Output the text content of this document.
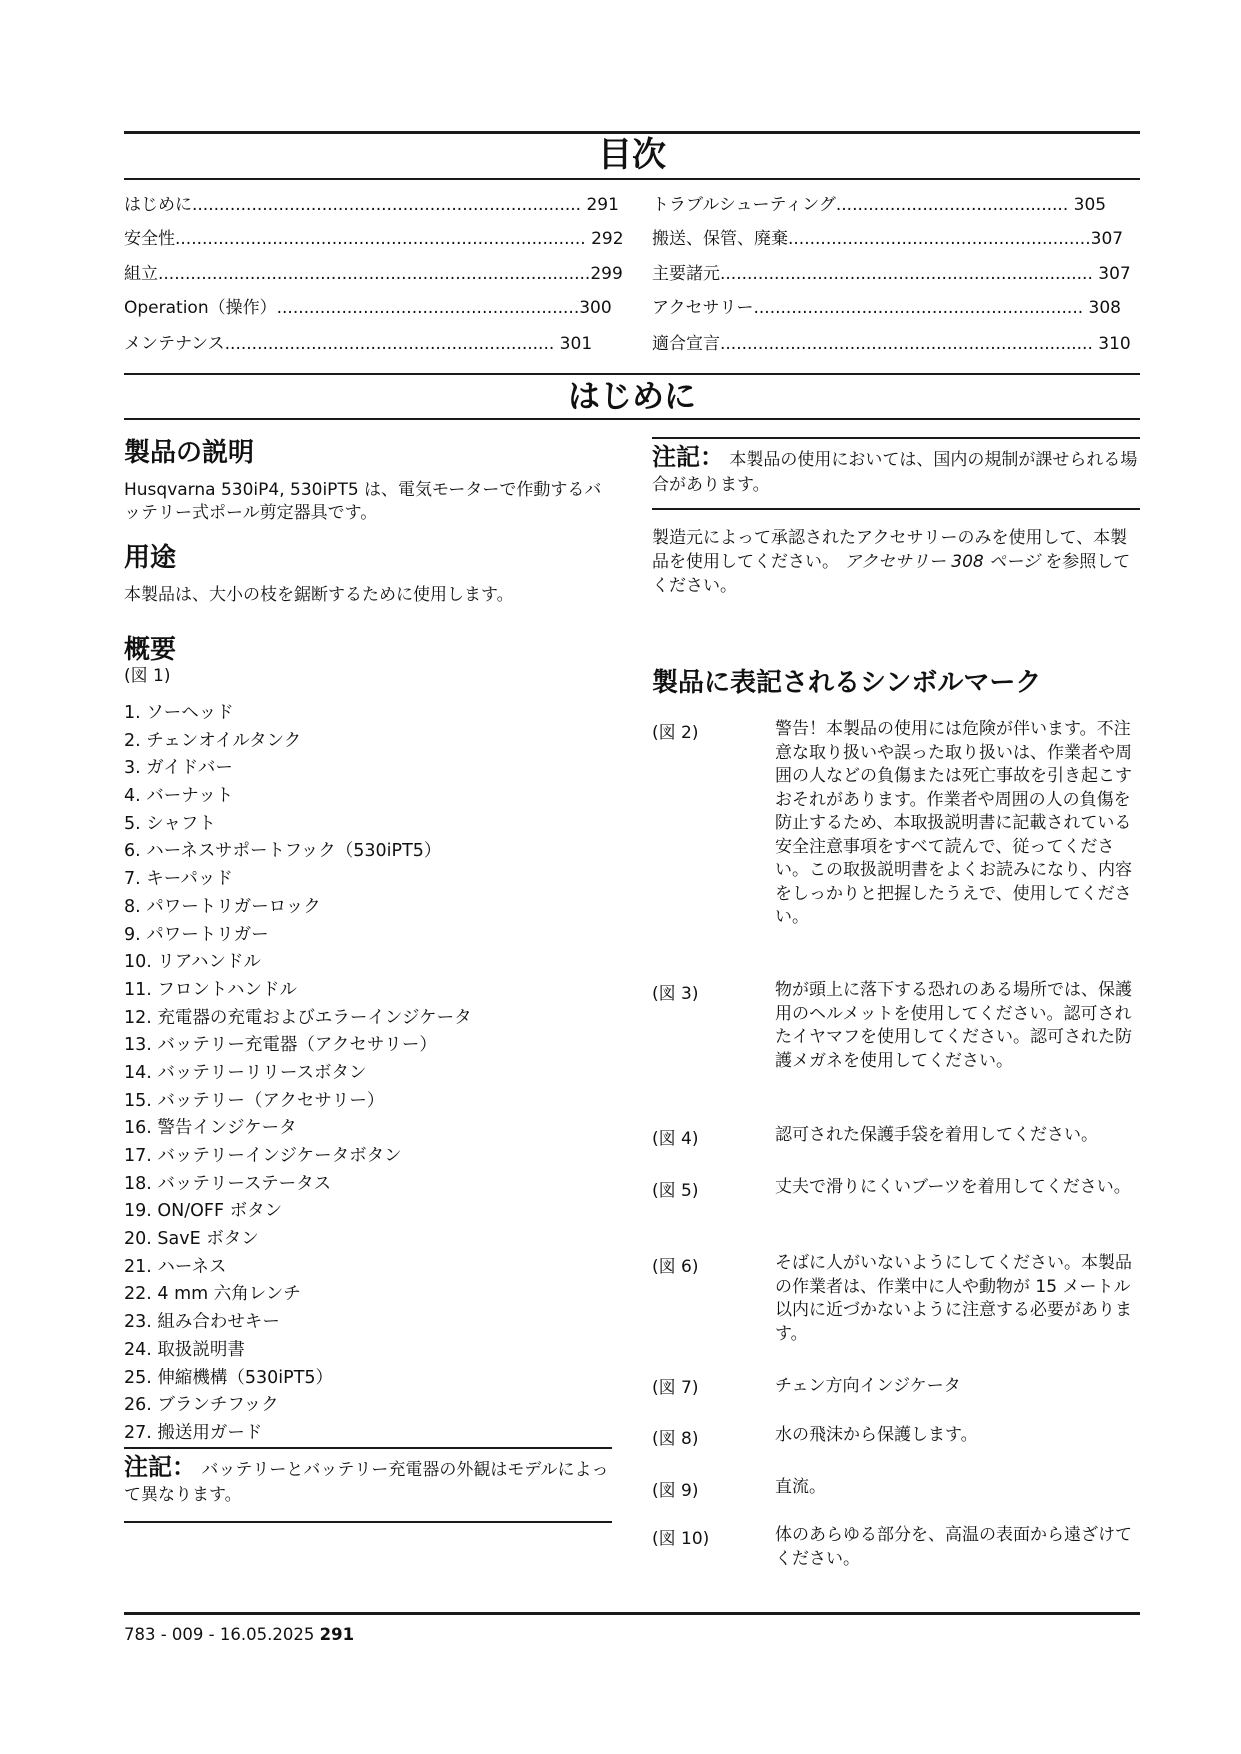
目次
はじめに........................................................................ 291
安全性............................................................................ 292
組立................................................................................299
Operation（操作）........................................................300
メンテナンス............................................................. 301
トラブルシューティング........................................... 305
搬送、保管、廃棄........................................................307
主要諸元..................................................................... 307
アクセサリー............................................................. 308
適合宣言..................................................................... 310
はじめに
製品の説明
Husqvarna 530iP4, 530iPT5 は、電気モーターで作動するバッテリー式ポール剪定器具です。
用途
本製品は、大小の枝を鋸断するために使用します。
概要
(図 1)
1. ソーヘッド
2. チェンオイルタンク
3. ガイドバー
4. バーナット
5. シャフト
6. ハーネスサポートフック（530iPT5）
7. キーパッド
8. パワートリガーロック
9. パワートリガー
10. リアハンドル
11. フロントハンドル
12. 充電器の充電およびエラーインジケータ
13. バッテリー充電器（アクセサリー）
14. バッテリーリリースボタン
15. バッテリー（アクセサリー）
16. 警告インジケータ
17. バッテリーインジケータボタン
18. バッテリーステータス
19. ON/OFF ボタン
20. SavE ボタン
21. ハーネス
22. 4 mm 六角レンチ
23. 組み合わせキー
24. 取扱説明書
25. 伸縮機構（530iPT5）
26. ブランチフック
27. 搬送用ガード
注記： バッテリーとバッテリー充電器の外観はモデルによって異なります。
注記： 本製品の使用においては、国内の規制が課せられる場合があります。
製造元によって承認されたアクセサリーのみを使用して、本製品を使用してください。 アクセサリー 308 ページ を参照してください。
製品に表記されるシンボルマーク
(図 2)	警告！本製品の使用には危険が伴います。不注意な取り扱いや誤った取り扱いは、作業者や周囲の人などの負傷または死亡事故を引き起こすおそれがあります。作業者や周囲の人の負傷を防止するため、本取扱説明書に記載されている安全注意事項をすべて読んで、従ってください。この取扱説明書をよくお読みになり、内容をしっかりと把握したうえで、使用してください。
(図 3)	物が頭上に落下する恐れのある場所では、保護用のヘルメットを使用してください。認可されたイヤマフを使用してください。認可された防護メガネを使用してください。
(図 4)	認可された保護手袋を着用してください。
(図 5)	丈夫で滑りにくいブーツを着用してください。
(図 6)	そばに人がいないようにしてください。本製品の作業者は、作業中に人や動物が 15 メートル以内に近づかないように注意する必要があります。
(図 7)	チェン方向インジケータ
(図 8)	水の飛沫から保護します。
(図 9)	直流。
(図 10)	体のあらゆる部分を、高温の表面から遠ざけてください。
783 - 009 - 16.05.2025 291
